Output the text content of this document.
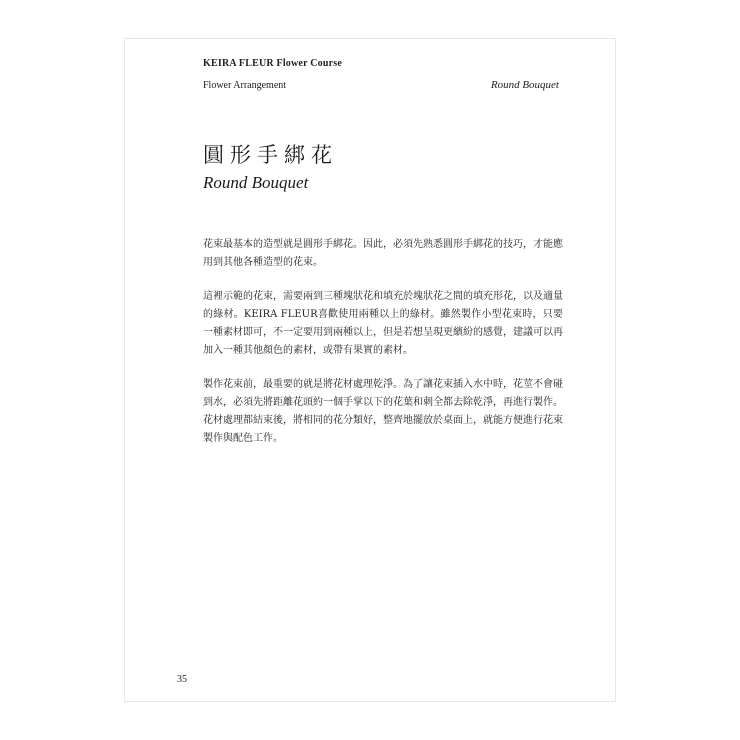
KEIRA FLEUR Flower Course
Flower Arrangement	Round Bouquet
圓形手綁花
Round Bouquet

花束最基本的造型就是圓形手綁花。因此，必須先熟悉圓形手綁花的技巧，才能應用到其他各種造型的花束。

這裡示範的花束，需要兩到三種塊狀花和填充於塊狀花之間的填充形花，以及適量的綠材。KEIRA FLEUR喜歡使用兩種以上的綠材。雖然製作小型花束時，只要一種素材即可，不一定要用到兩種以上，但是若想呈現更繽紛的感覺，建議可以再加入一種其他顏色的素材，或帶有果實的素材。

製作花束前，最重要的就是將花材處理乾淨。為了讓花束插入水中時，花莖不會碰到水，必須先將距離花頭約一個手掌以下的花葉和刺全都去除乾淨，再進行製作。花材處理都結束後，將相同的花分類好，整齊地擺放於桌面上，就能方便進行花束製作與配色工作。

35
